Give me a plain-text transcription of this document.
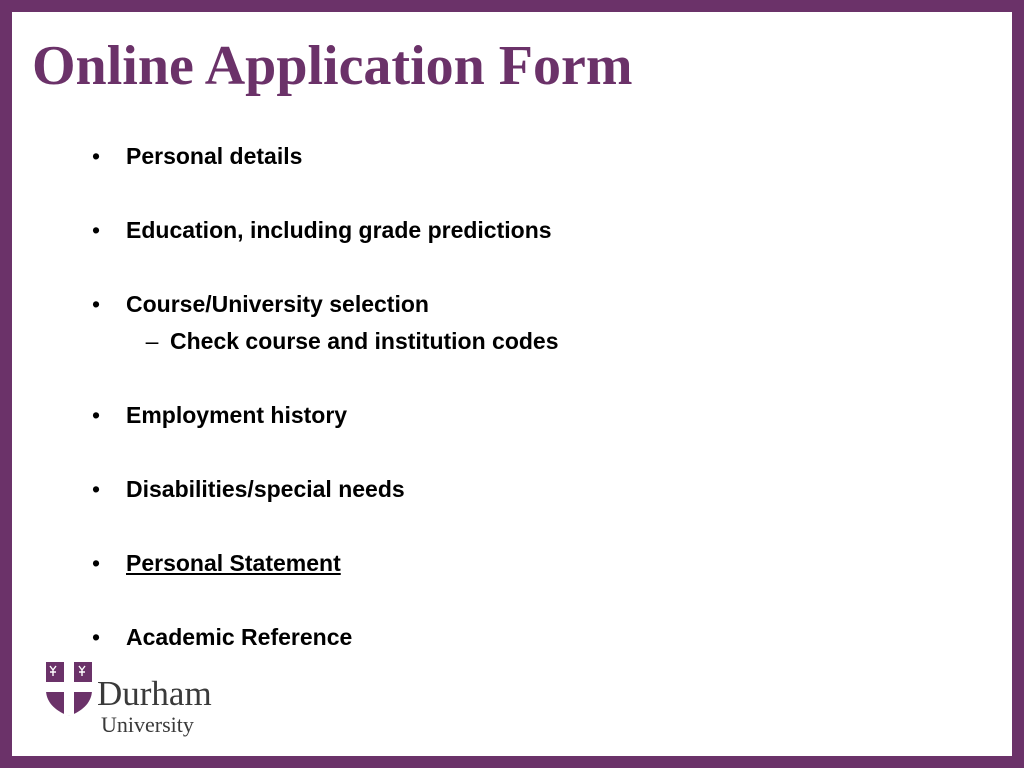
Online Application Form
• Personal details
• Education, including grade predictions
• Course/University selection
– Check course and institution codes
• Employment history
• Disabilities/special needs
• Personal Statement
• Academic Reference
Durham
University
